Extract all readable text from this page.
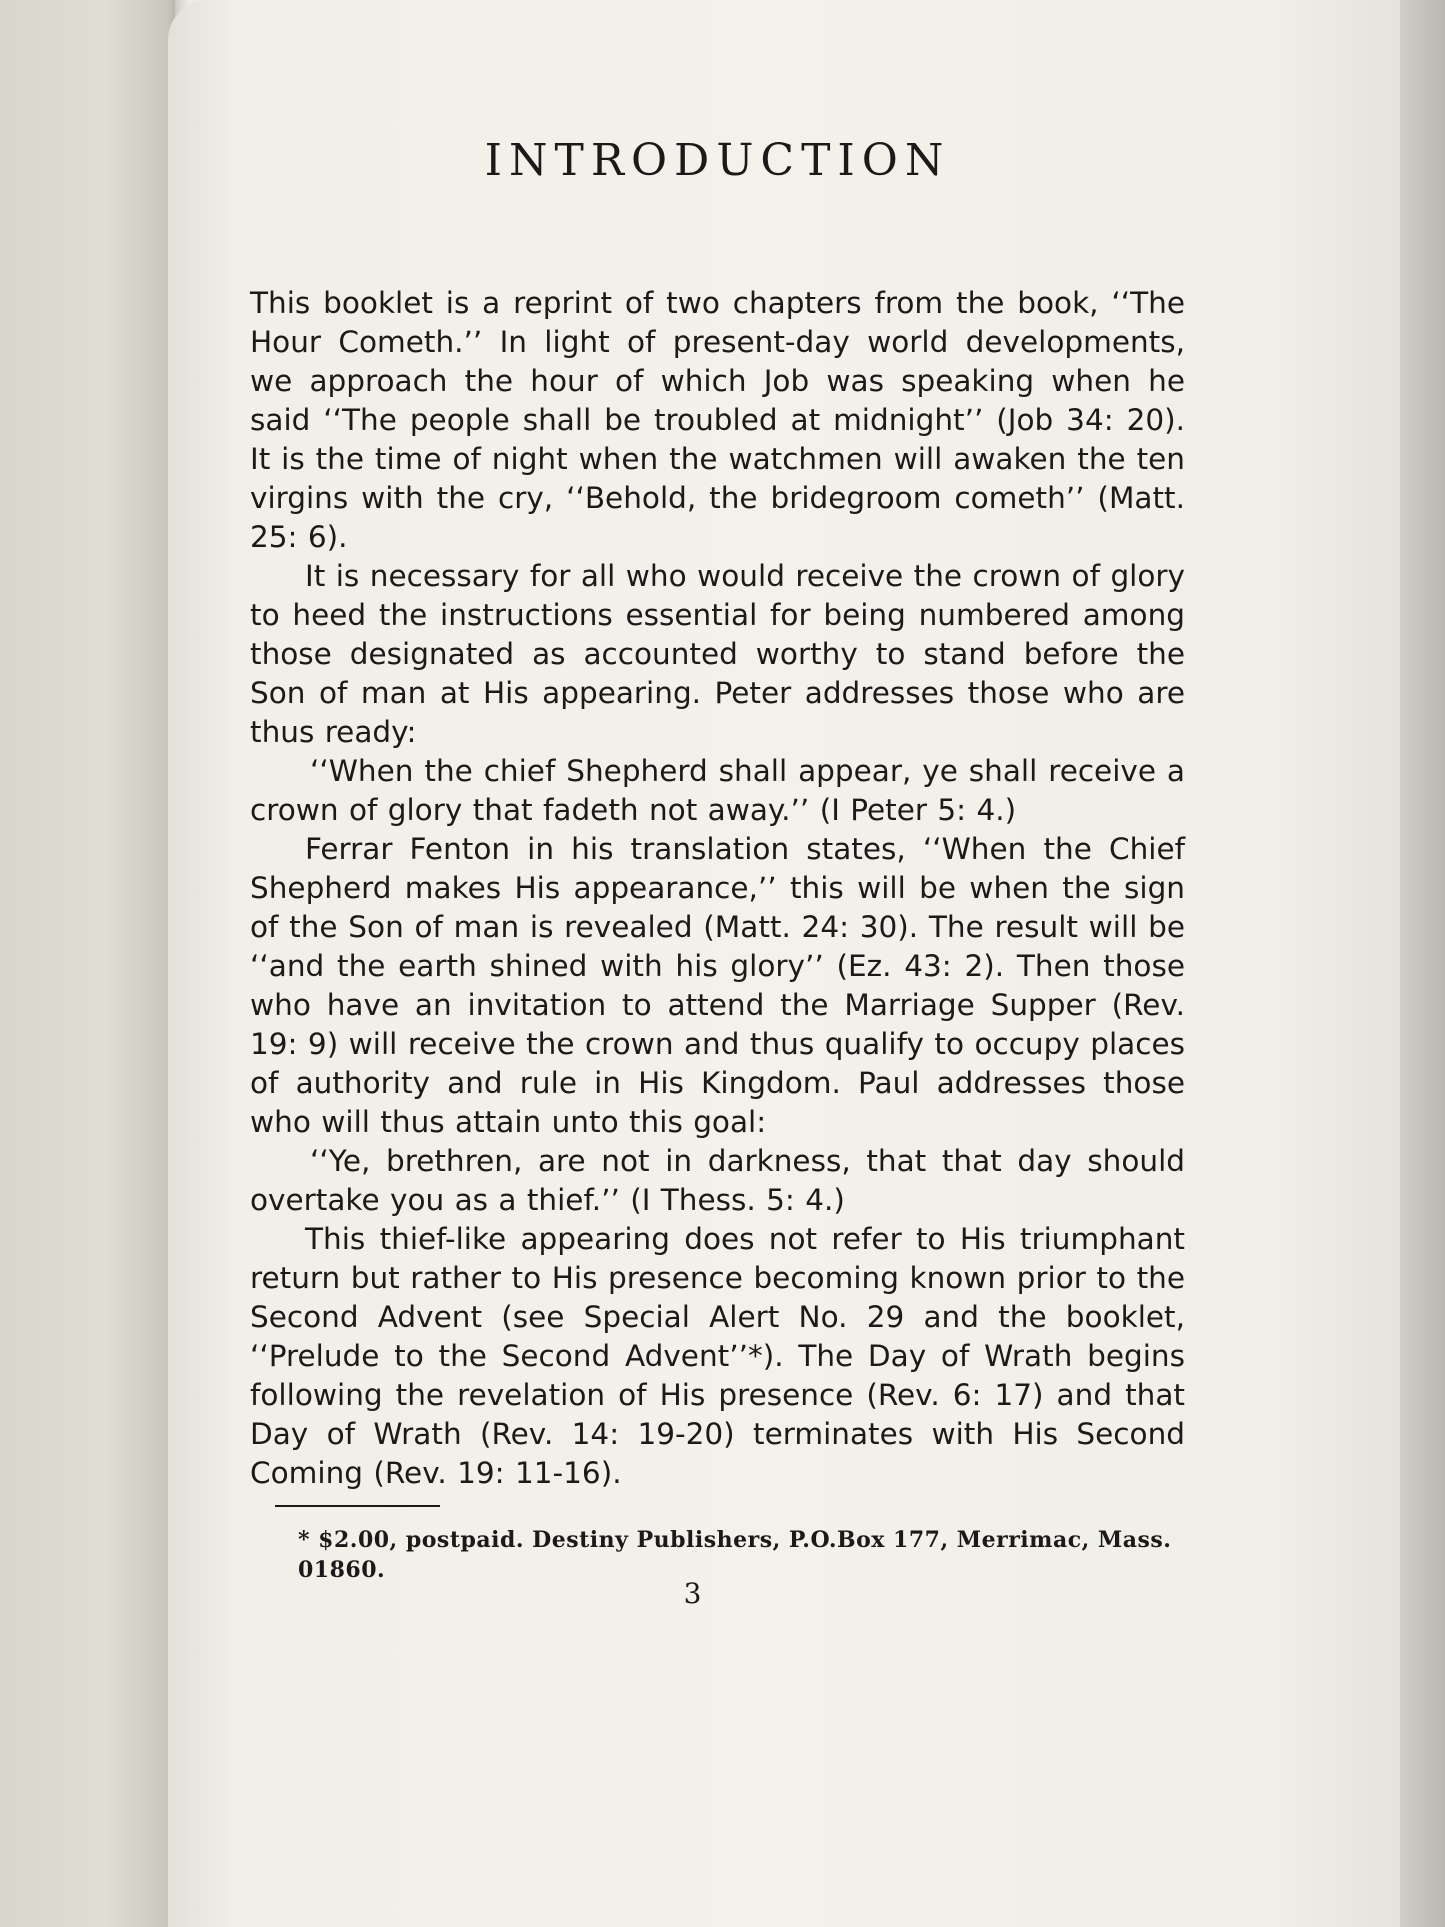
INTRODUCTION

This booklet is a reprint of two chapters from the book, ‘‘The Hour Cometh.’’ In light of present-day world developments, we approach the hour of which Job was speaking when he said ‘‘The people shall be troubled at midnight’’ (Job 34: 20). It is the time of night when the watchmen will awaken the ten virgins with the cry, ‘‘Behold, the bridegroom cometh’’ (Matt. 25: 6).

It is necessary for all who would receive the crown of glory to heed the instructions essential for being numbered among those designated as accounted worthy to stand before the Son of man at His appearing. Peter addresses those who are thus ready:

‘‘When the chief Shepherd shall appear, ye shall receive a crown of glory that fadeth not away.’’ (I Peter 5: 4.)

Ferrar Fenton in his translation states, ‘‘When the Chief Shepherd makes His appearance,’’ this will be when the sign of the Son of man is revealed (Matt. 24: 30). The result will be ‘‘and the earth shined with his glory’’ (Ez. 43: 2). Then those who have an invitation to attend the Marriage Supper (Rev. 19: 9) will receive the crown and thus qualify to occupy places of authority and rule in His Kingdom. Paul addresses those who will thus attain unto this goal:

‘‘Ye, brethren, are not in darkness, that that day should overtake you as a thief.’’ (I Thess. 5: 4.)

This thief-like appearing does not refer to His triumphant return but rather to His presence becoming known prior to the Second Advent (see Special Alert No. 29 and the booklet, ‘‘Prelude to the Second Advent’’*). The Day of Wrath begins following the revelation of His presence (Rev. 6: 17) and that Day of Wrath (Rev. 14: 19-20) terminates with His Second Coming (Rev. 19: 11-16).

* $2.00, postpaid. Destiny Publishers, P.O.Box 177, Merrimac, Mass. 01860.

3
